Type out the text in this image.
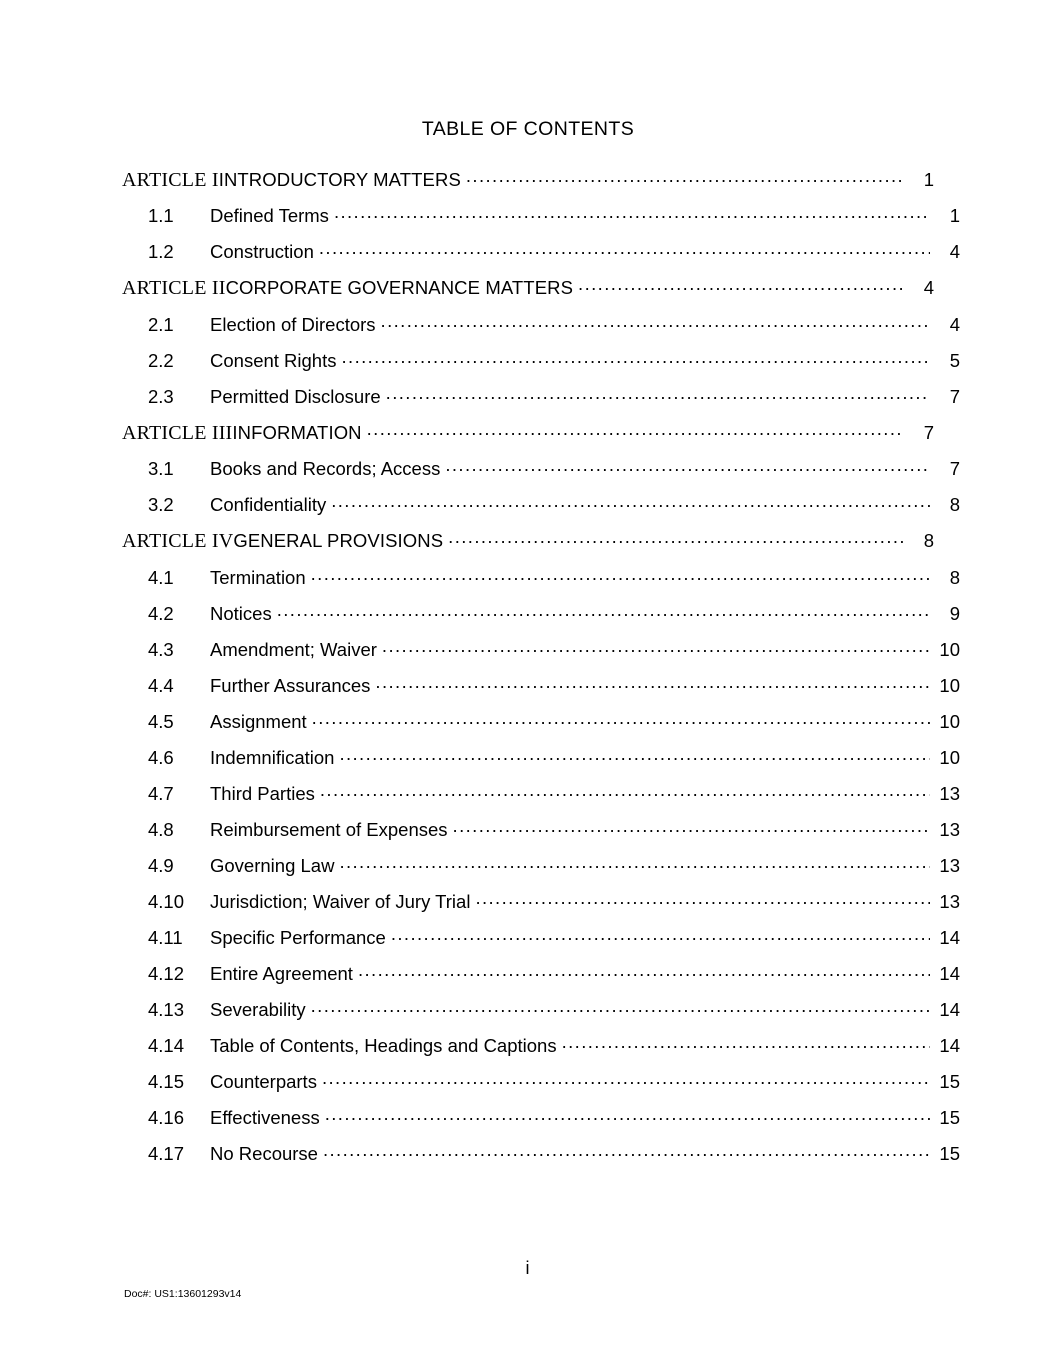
TABLE OF CONTENTS
ARTICLE I INTRODUCTORY MATTERS .....	1
1.1	Defined Terms .....	1
1.2	Construction .....	4
ARTICLE II CORPORATE GOVERNANCE MATTERS .....	4
2.1	Election of Directors .....	4
2.2	Consent Rights .....	5
2.3	Permitted Disclosure .....	7
ARTICLE III INFORMATION .....	7
3.1	Books and Records; Access .....	7
3.2	Confidentiality .....	8
ARTICLE IV GENERAL PROVISIONS .....	8
4.1	Termination .....	8
4.2	Notices .....	9
4.3	Amendment; Waiver .....	10
4.4	Further Assurances .....	10
4.5	Assignment .....	10
4.6	Indemnification .....	10
4.7	Third Parties .....	13
4.8	Reimbursement of Expenses .....	13
4.9	Governing Law .....	13
4.10	Jurisdiction; Waiver of Jury Trial .....	13
4.11	Specific Performance .....	14
4.12	Entire Agreement .....	14
4.13	Severability .....	14
4.14	Table of Contents, Headings and Captions .....	14
4.15	Counterparts .....	15
4.16	Effectiveness .....	15
4.17	No Recourse .....	15
i
Doc#: US1:13601293v14
